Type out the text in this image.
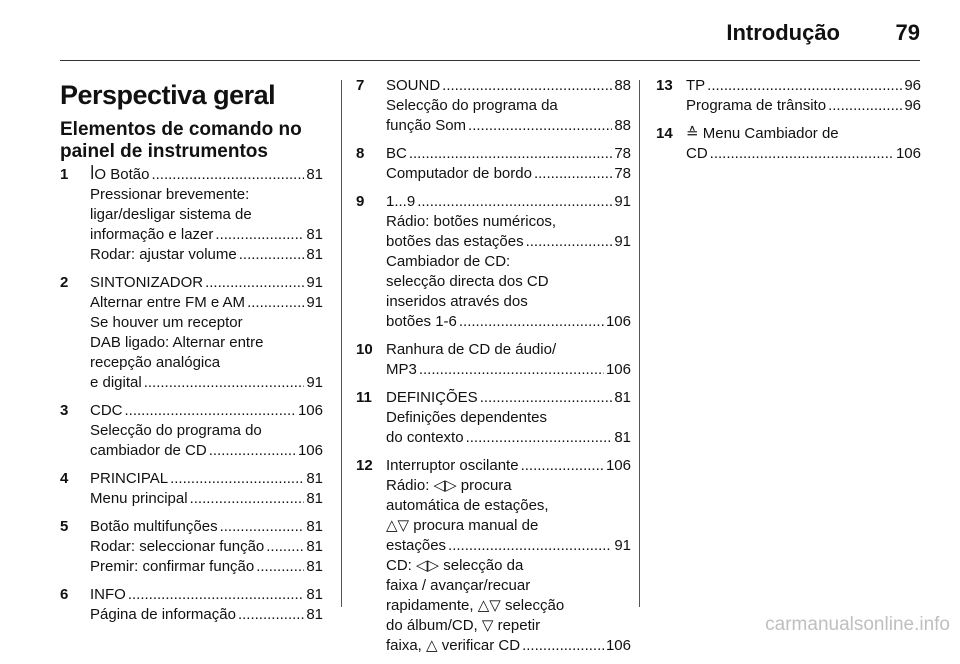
Introdução	79
Perspectiva geral
Elementos de comando no
painel de instrumentos
1 ꟾO Botão .....	81
Pressionar brevemente:
ligar/desligar sistema de
informação e lazer .....	81
Rodar: ajustar volume .....	81
2 SINTONIZADOR .....	91
Alternar entre FM e AM .....	91
Se houver um receptor
DAB ligado: Alternar entre
recepção analógica
e digital .....	91
3 CDC .....	106
Selecção do programa do
cambiador de CD .....	106
4 PRINCIPAL .....	81
Menu principal .....	81
5 Botão multifunções .....	81
Rodar: seleccionar função .....	81
Premir: confirmar função .....	81
6 INFO .....	81
Página de informação .....	81
7 SOUND .....	88
Selecção do programa da
função Som .....	88
8 BC .....	78
Computador de bordo .....	78
9 1...9 .....	91
Rádio: botões numéricos,
botões das estações .....	91
Cambiador de CD:
selecção directa dos CD
inseridos através dos
botões 1-6 .....	106
10 Ranhura de CD de áudio/
MP3 .....	106
11 DEFINIÇÕES .....	81
Definições dependentes
do contexto .....	81
12 Interruptor oscilante .....	106
Rádio: ◁▷ procura
automática de estações,
△▽ procura manual de
estações .....	91
CD: ◁▷ selecção da
faixa / avançar/recuar
rapidamente, △▽ selecção
do álbum/CD, ▽ repetir
faixa, △ verificar CD .....	106
13 TP .....	96
Programa de trânsito .....	96
14 ≙ Menu Cambiador de
CD .....	106
carmanualsonline.info
